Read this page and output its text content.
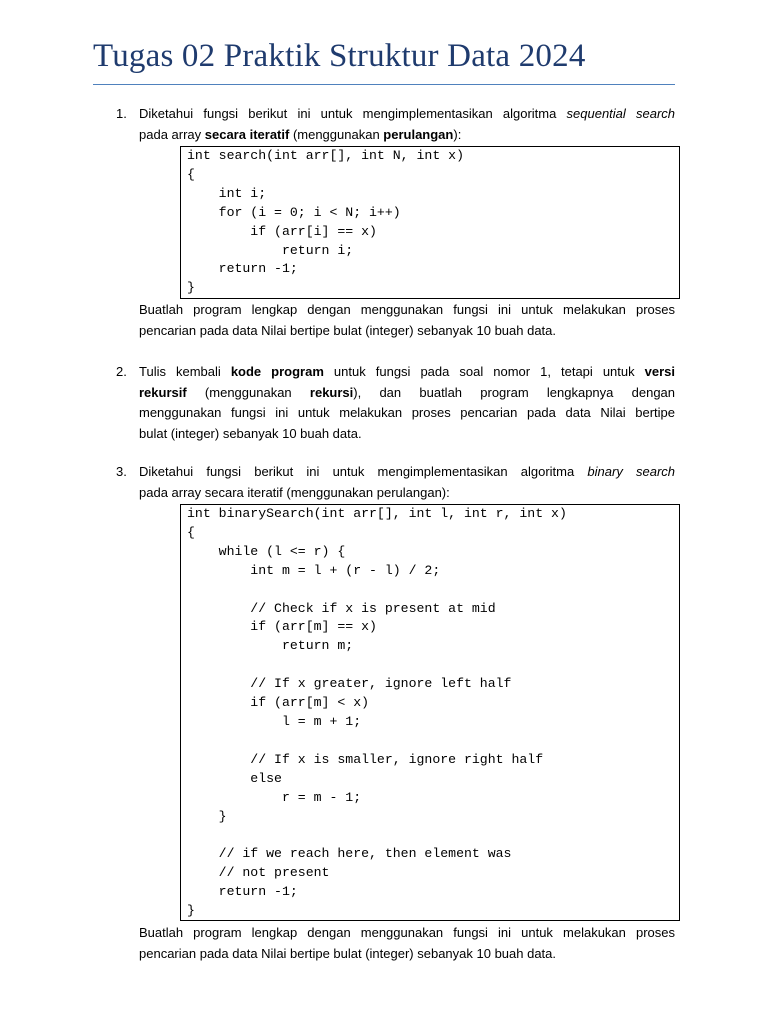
Tugas 02 Praktik Struktur Data 2024
1. Diketahui fungsi berikut ini untuk mengimplementasikan algoritma sequential search
pada array secara iteratif (menggunakan perulangan):
int search(int arr[], int N, int x)
{
int i;
for (i = 0; i < N; i++)
if (arr[i] == x)
return i;
return -1;
}
Buatlah program lengkap dengan menggunakan fungsi ini untuk melakukan proses
pencarian pada data Nilai bertipe bulat (integer) sebanyak 10 buah data.
2. Tulis kembali kode program untuk fungsi pada soal nomor 1, tetapi untuk versi
rekursif (menggunakan rekursi), dan buatlah program lengkapnya dengan
menggunakan fungsi ini untuk melakukan proses pencarian pada data Nilai bertipe
bulat (integer) sebanyak 10 buah data.
3. Diketahui fungsi berikut ini untuk mengimplementasikan algoritma binary search
pada array secara iteratif (menggunakan perulangan):
int binarySearch(int arr[], int l, int r, int x)
{
while (l <= r) {
int m = l + (r - l) / 2;

// Check if x is present at mid
if (arr[m] == x)
return m;

// If x greater, ignore left half
if (arr[m] < x)
l = m + 1;

// If x is smaller, ignore right half
else
r = m - 1;
}

// if we reach here, then element was
// not present
return -1;
}
Buatlah program lengkap dengan menggunakan fungsi ini untuk melakukan proses
pencarian pada data Nilai bertipe bulat (integer) sebanyak 10 buah data.
